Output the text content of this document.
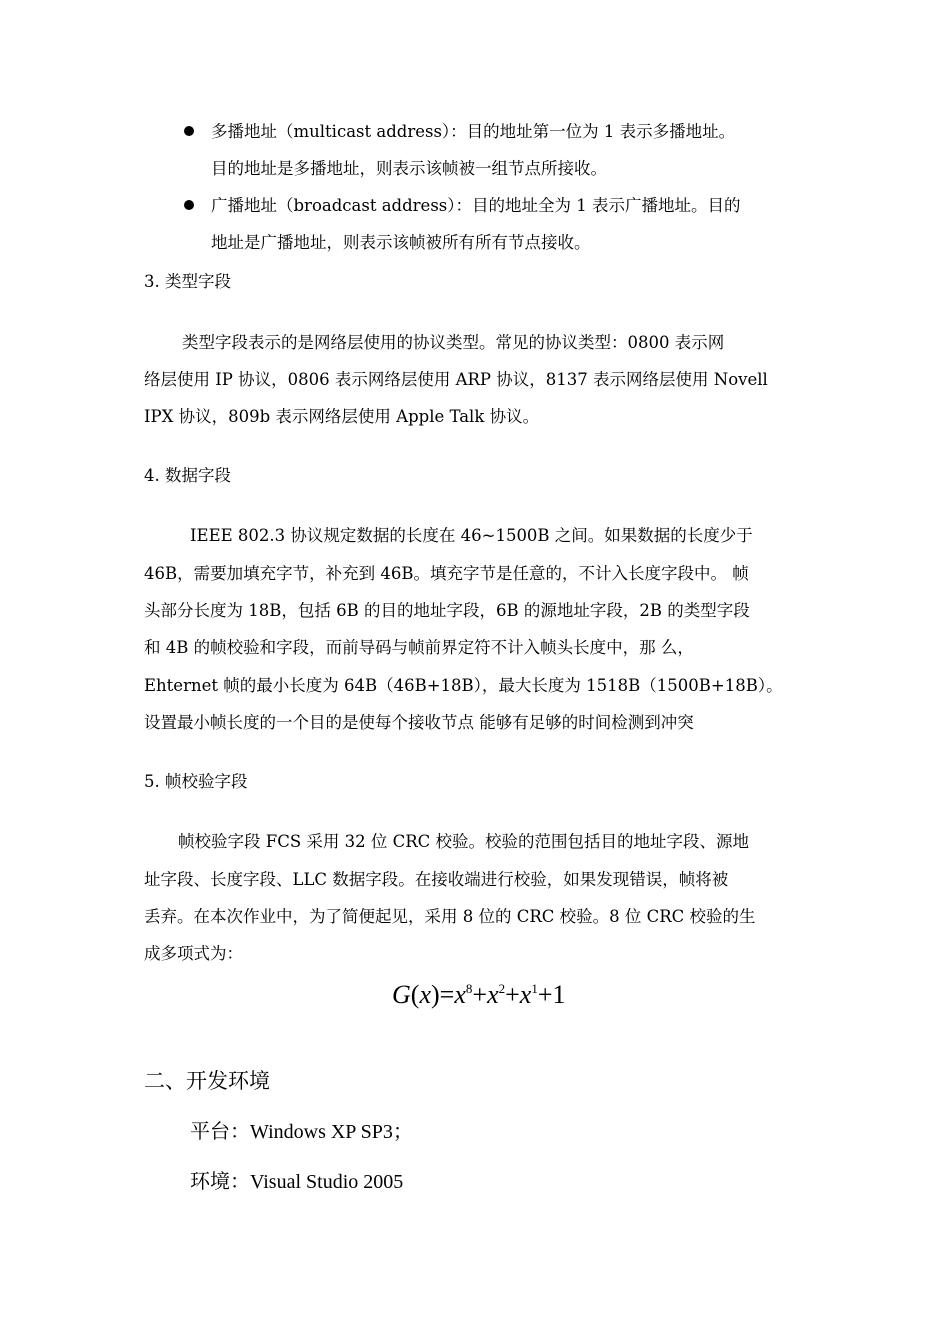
多播地址（multicast address）：目的地址第一位为 1 表示多播地址。
目的地址是多播地址，则表示该帧被一组节点所接收。
广播地址（broadcast address）：目的地址全为 1 表示广播地址。目的
地址是广播地址，则表示该帧被所有所有节点接收。
3. 类型字段
类型字段表示的是网络层使用的协议类型。常见的协议类型：0800 表示网
络层使用 IP 协议，0806 表示网络层使用 ARP 协议，8137 表示网络层使用 Novell
IPX 协议，809b 表示网络层使用 Apple Talk 协议。
4. 数据字段
IEEE 802.3 协议规定数据的长度在 46~1500B 之间。如果数据的长度少于
46B，需要加填充字节，补充到 46B。填充字节是任意的，不计入长度字段中。 帧
头部分长度为 18B，包括 6B 的目的地址字段，6B 的源地址字段，2B 的类型字段
和 4B 的帧校验和字段，而前导码与帧前界定符不计入帧头长度中，那 么，
Ehternet 帧的最小长度为 64B（46B+18B），最大长度为 1518B（1500B+18B）。
设置最小帧长度的一个目的是使每个接收节点 能够有足够的时间检测到冲突
5. 帧校验字段
帧校验字段 FCS 采用 32 位 CRC 校验。校验的范围包括目的地址字段、源地
址字段、长度字段、LLC 数据字段。在接收端进行校验，如果发现错误，帧将被
丢弃。在本次作业中，为了简便起见，采用 8 位的 CRC 校验。8 位 CRC 校验的生
成多项式为：
$G(x)=x^8+x^2+x^1+1$
二、开发环境
平台：Windows XP SP3；
环境：Visual Studio 2005
